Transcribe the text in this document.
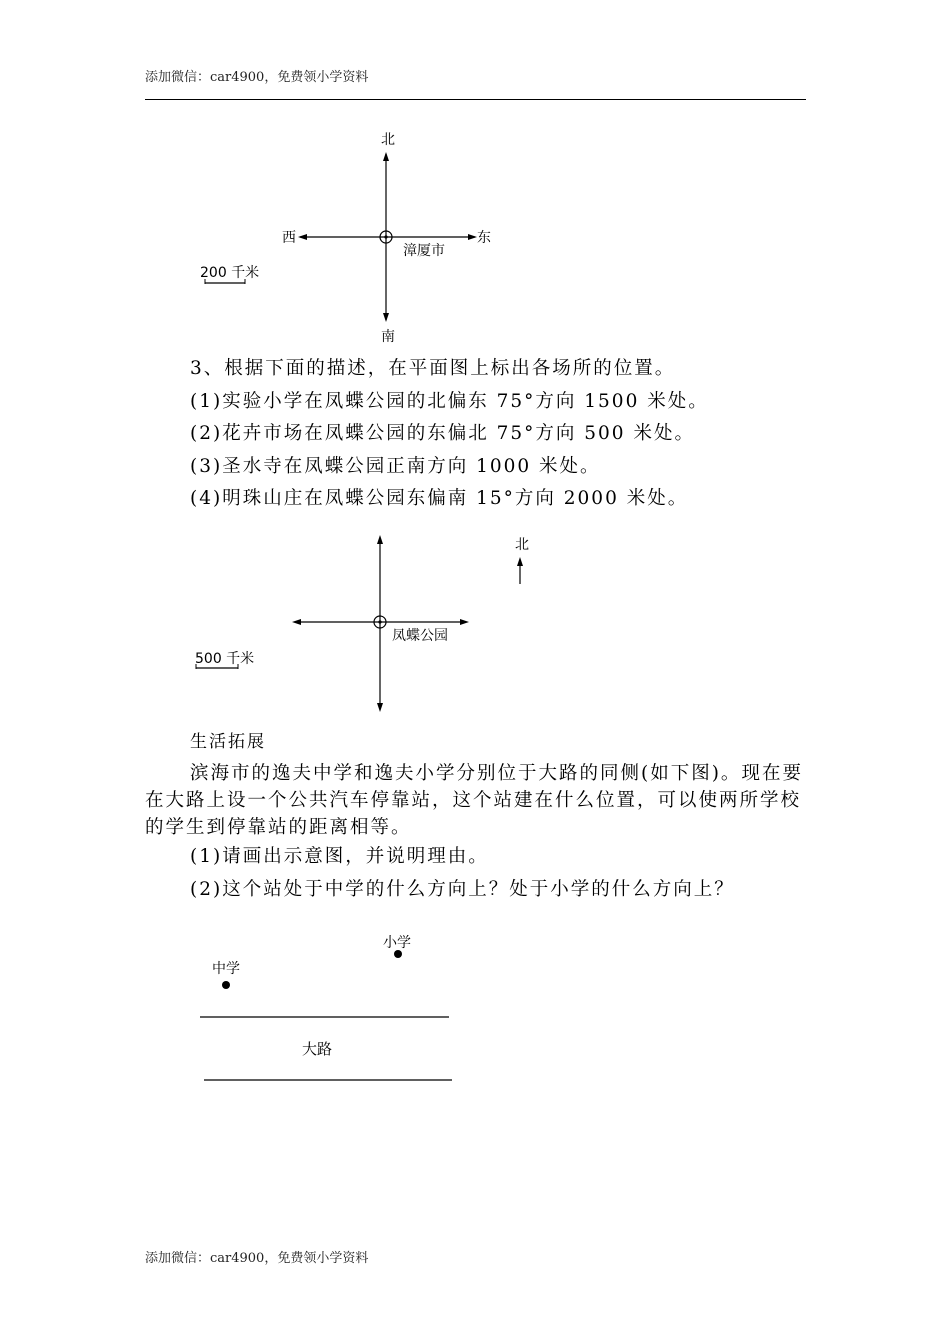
添加微信：car4900，免费领小学资料
北
南
西	东
漳厦市
200 千米
3、根据下面的描述，在平面图上标出各场所的位置。
(1)实验小学在凤蝶公园的北偏东 75°方向 1500 米处。
(2)花卉市场在凤蝶公园的东偏北 75°方向 500 米处。
(3)圣水寺在凤蝶公园正南方向 1000 米处。
(4)明珠山庄在凤蝶公园东偏南 15°方向 2000 米处。
北
凤蝶公园
500 千米
生活拓展
滨海市的逸夫中学和逸夫小学分别位于大路的同侧(如下图)。现在要在大路上设一个公共汽车停靠站，这个站建在什么位置，可以使两所学校的学生到停靠站的距离相等。
(1)请画出示意图，并说明理由。
(2)这个站处于中学的什么方向上？处于小学的什么方向上？
中学
小学
大路
添加微信：car4900，免费领小学资料
